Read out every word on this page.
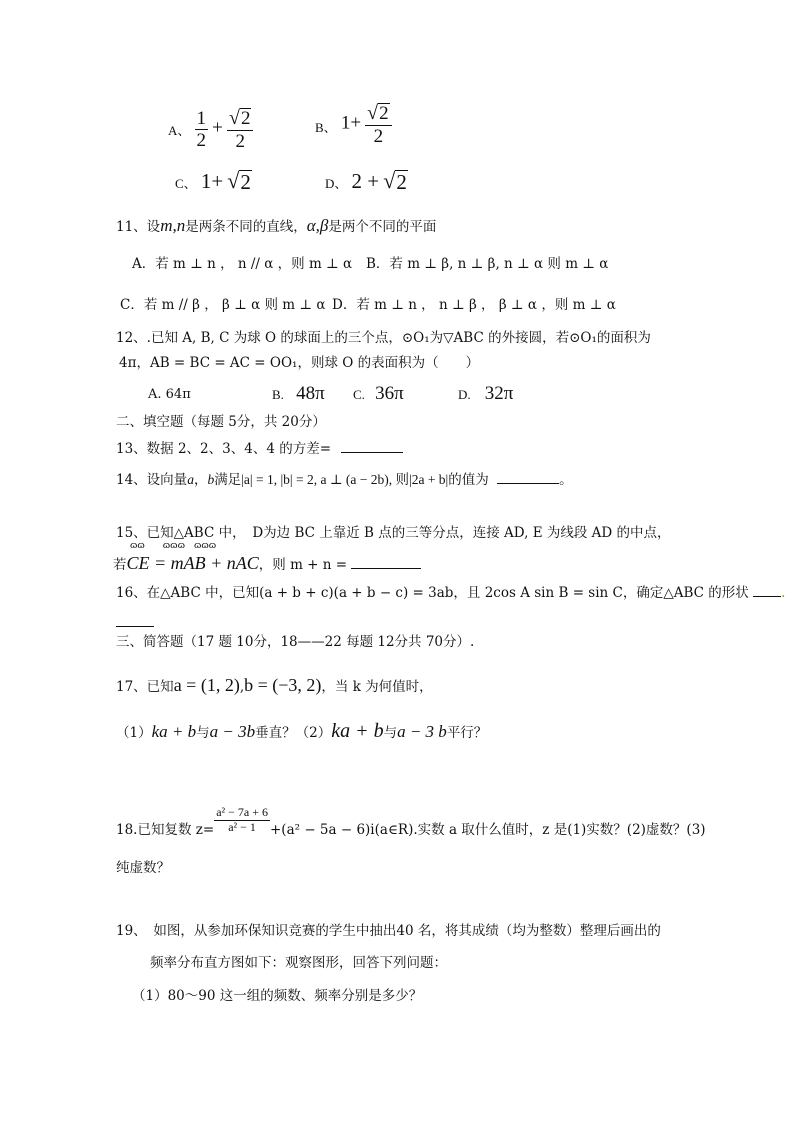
A、 $\frac{1}{2} + \frac{√ 2}{2}$	B、 $1+ \frac{√ 2}{2}$
C、 1+ √ 2	D、 2 + √ 2
11、设m,n是两条不同的直线，α,β是两个不同的平面
A．若 m ⊥ n ， n // α ，则 m ⊥ α B．若 m ⊥ β, n ⊥ β, n ⊥ α 则 m ⊥ α
C．若 m // β ， β ⊥ α 则 m ⊥ α D．若 m ⊥ n ， n ⊥ β ， β ⊥ α ，则 m ⊥ α
12、.已知 A, B, C 为球 O 的球面上的三个点，⊙O₁为▽ABC 的外接圆，若⊙O₁的面积为
4π，AB = BC = AC = OO₁，则球 O 的表面积为（　　）
A. 64π	B. 48π C. 36π	D. 32π
二、填空题（每题 5分，共 20分）
13、数据 2、2、3、4、4 的方差=
14、设向量a，b满足|a| = 1, |b| = 2, a ⊥ (a − 2b), 则|2a + b|的值为	。
15、已知△ABC 中，　D为边 BC 上靠近 B 点的三等分点，连接 AD, E 为线段 AD 的中点，
ɷɷ　　ɷɷɷ　ɷɷɷ
若CE = mAB + nAC，则 m + n =
16、在△ABC 中，已知(a + b + c)(a + b − c) = 3ab，且 2cos A sin B = sin C，确定△ABC 的形状 .
三、简答题（17 题 10分，18——22 每题 12分共 70分）.
17、已知a = (1, 2),b = (−3, 2)，当 k 为何值时，
（1）ka + b与a − 3b垂直？（2）ka + b与a − 3 b平行？
18.已知复数 $z= \frac{\text{a² − 7a + 6}}{\text{a² − 1}} +(a^2 - 5a$ − 6)i(a∈R).实数 a 取什么值时，z 是(1)实数？(2)虚数？(3)
纯虚数？
19、　如图，从参加环保知识竞赛的学生中抽出40 名，将其成绩（均为整数）整理后画出的
频率分布直方图如下：观察图形，回答下列问题：
（1）80～90 这一组的频数、频率分别是多少？
